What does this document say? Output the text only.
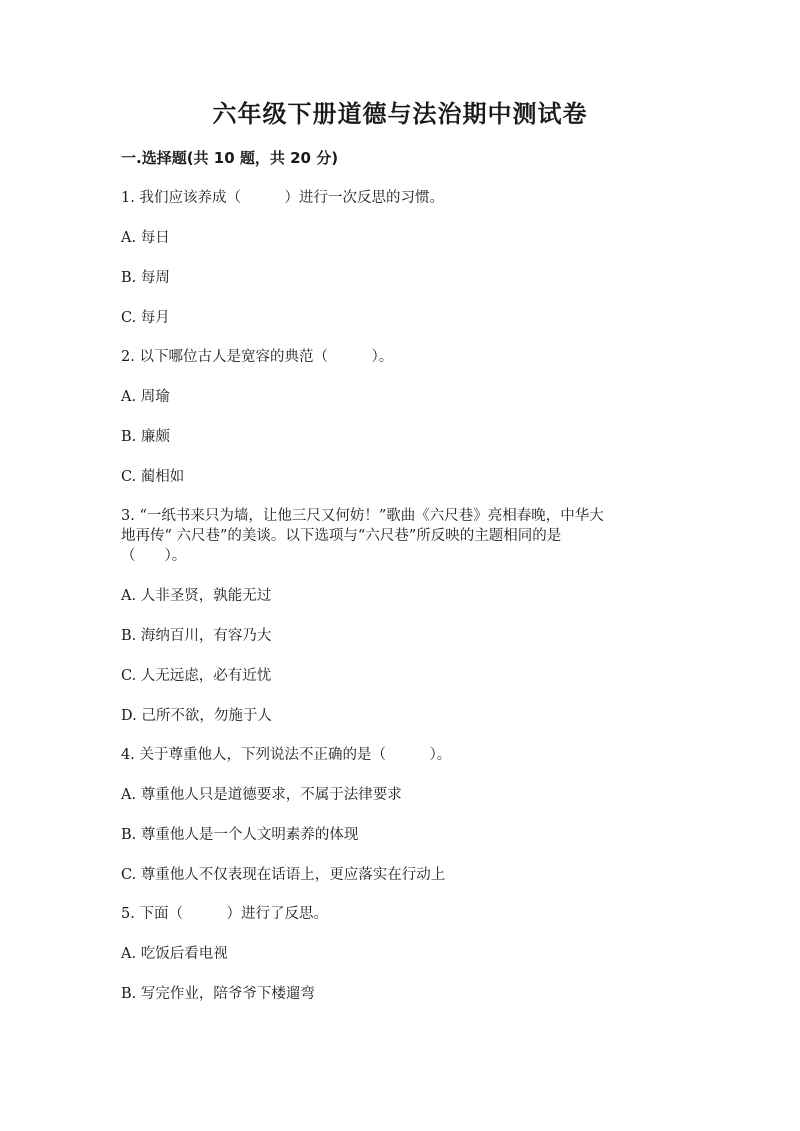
六年级下册道德与法治期中测试卷
一.选择题(共 10 题，共 20 分)
1. 我们应该养成（　　　）进行一次反思的习惯。
A. 每日
B. 每周
C. 每月
2. 以下哪位古人是宽容的典范（　　　）。
A. 周瑜
B. 廉颇
C. 蔺相如
3. “一纸书来只为墙，让他三尺又何妨！”歌曲《六尺巷》亮相春晚，中华大
地再传“ 六尺巷”的美谈。以下选项与“六尺巷”所反映的主题相同的是
（　　）。
A. 人非圣贤，孰能无过
B. 海纳百川，有容乃大
C. 人无远虑，必有近忧
D. 己所不欲，勿施于人
4. 关于尊重他人，下列说法不正确的是（　　　）。
A. 尊重他人只是道德要求，不属于法律要求
B. 尊重他人是一个人文明素养的体现
C. 尊重他人不仅表现在话语上，更应落实在行动上
5. 下面（　　　）进行了反思。
A. 吃饭后看电视
B. 写完作业，陪爷爷下楼遛弯
